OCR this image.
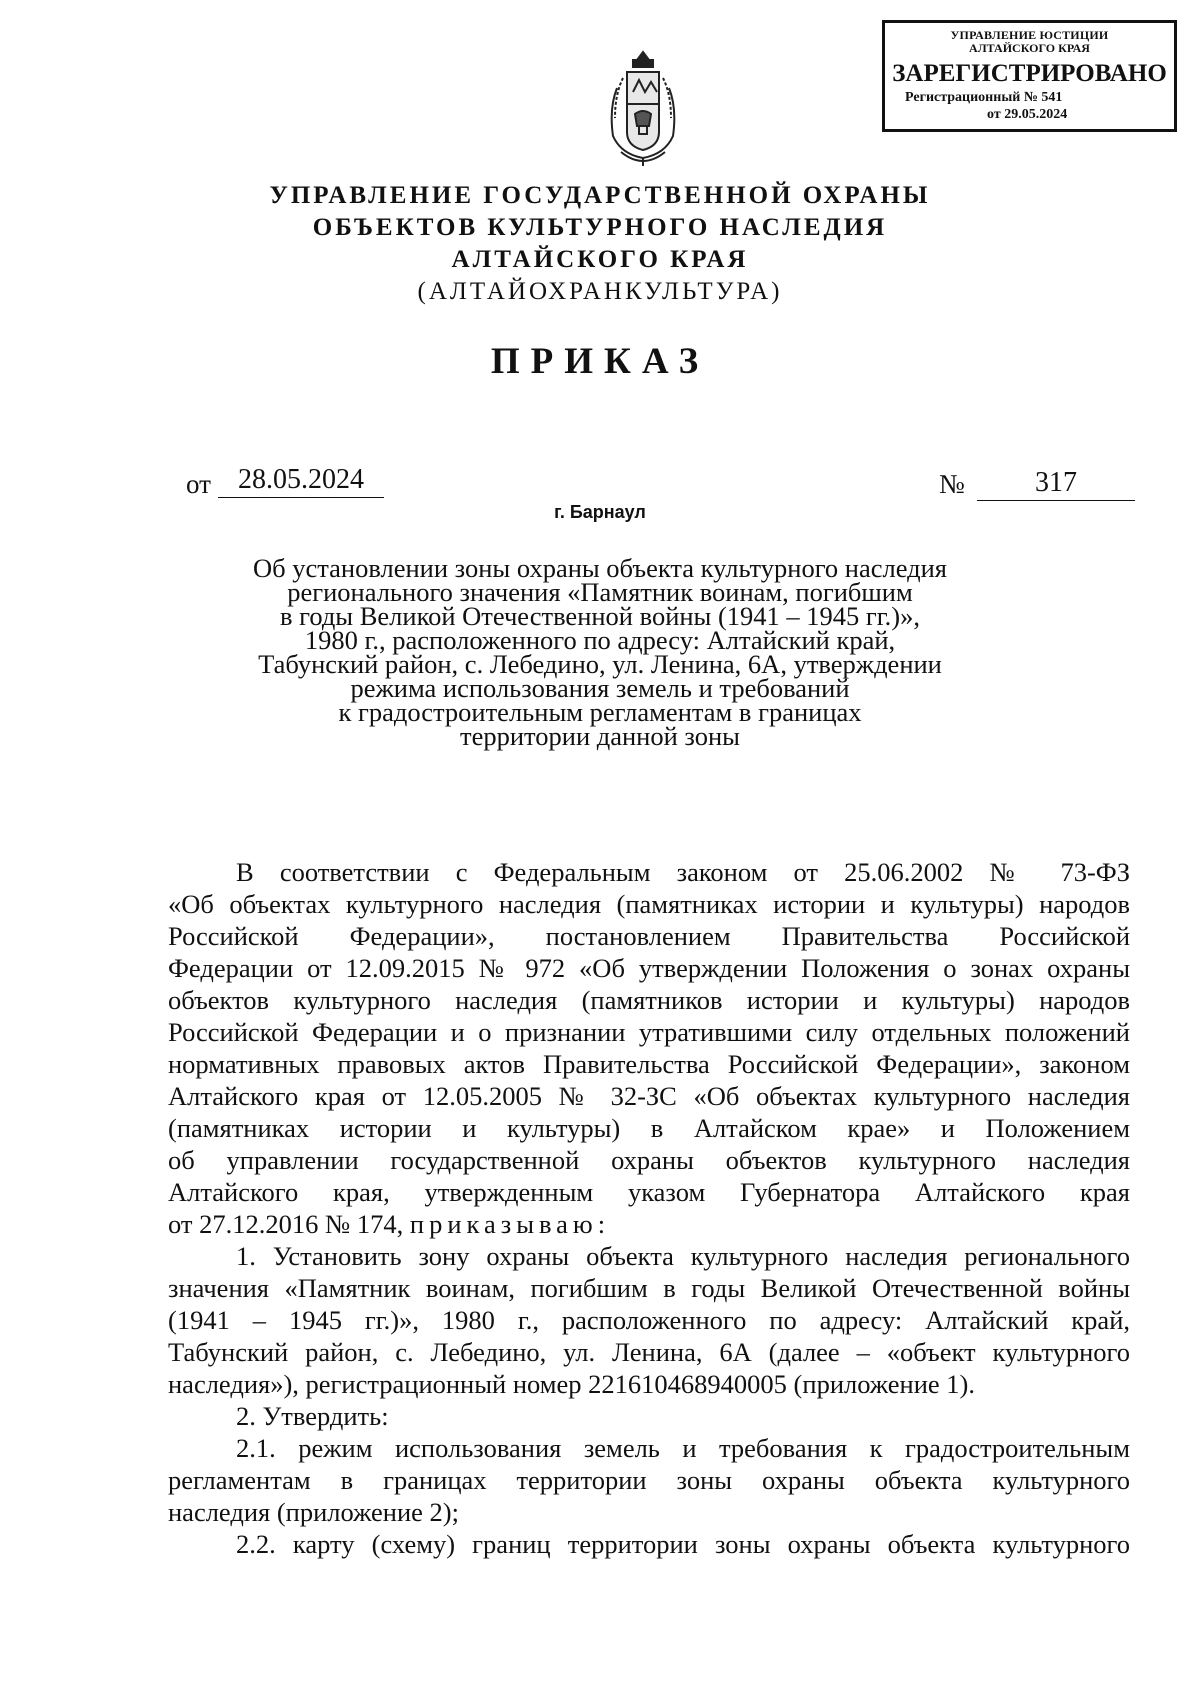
УПРАВЛЕНИЕ ЮСТИЦИИ
АЛТАЙСКОГО КРАЯ
ЗАРЕГИСТРИРОВАНО
Регистрационный № 541
от 29.05.2024
УПРАВЛЕНИЕ ГОСУДАРСТВЕННОЙ ОХРАНЫ
ОБЪЕКТОВ КУЛЬТУРНОГО НАСЛЕДИЯ
АЛТАЙСКОГО КРАЯ
(АЛТАЙОХРАНКУЛЬТУРА)
ПРИКАЗ
от 28.05.2024	№	317
г. Барнаул
Об установлении зоны охраны объекта культурного наследия
регионального значения «Памятник воинам, погибшим
в годы Великой Отечественной войны (1941 – 1945 гг.)»,
1980 г., расположенного по адресу: Алтайский край,
Табунский район, с. Лебедино, ул. Ленина, 6А, утверждении
режима использования земель и требований
к градостроительным регламентам в границах
территории данной зоны
В соответствии с Федеральным законом от 25.06.2002 № 73-ФЗ
«Об объектах культурного наследия (памятниках истории и культуры) народов
Российской Федерации», постановлением Правительства Российской
Федерации от 12.09.2015 № 972 «Об утверждении Положения о зонах охраны
объектов культурного наследия (памятников истории и культуры) народов
Российской Федерации и о признании утратившими силу отдельных положений
нормативных правовых актов Правительства Российской Федерации», законом
Алтайского края от 12.05.2005 № 32-ЗС «Об объектах культурного наследия
(памятниках истории и культуры) в Алтайском крае» и Положением
об управлении государственной охраны объектов культурного наследия
Алтайского края, утвержденным указом Губернатора Алтайского края
от 27.12.2016 № 174, приказываю:
1. Установить зону охраны объекта культурного наследия регионального
значения «Памятник воинам, погибшим в годы Великой Отечественной войны
(1941 – 1945 гг.)», 1980 г., расположенного по адресу: Алтайский край,
Табунский район, с. Лебедино, ул. Ленина, 6А (далее – «объект культурного
наследия»), регистрационный номер 221610468940005 (приложение 1).
2. Утвердить:
2.1. режим использования земель и требования к градостроительным
регламентам в границах территории зоны охраны объекта культурного
наследия (приложение 2);
2.2. карту (схему) границ территории зоны охраны объекта культурного
